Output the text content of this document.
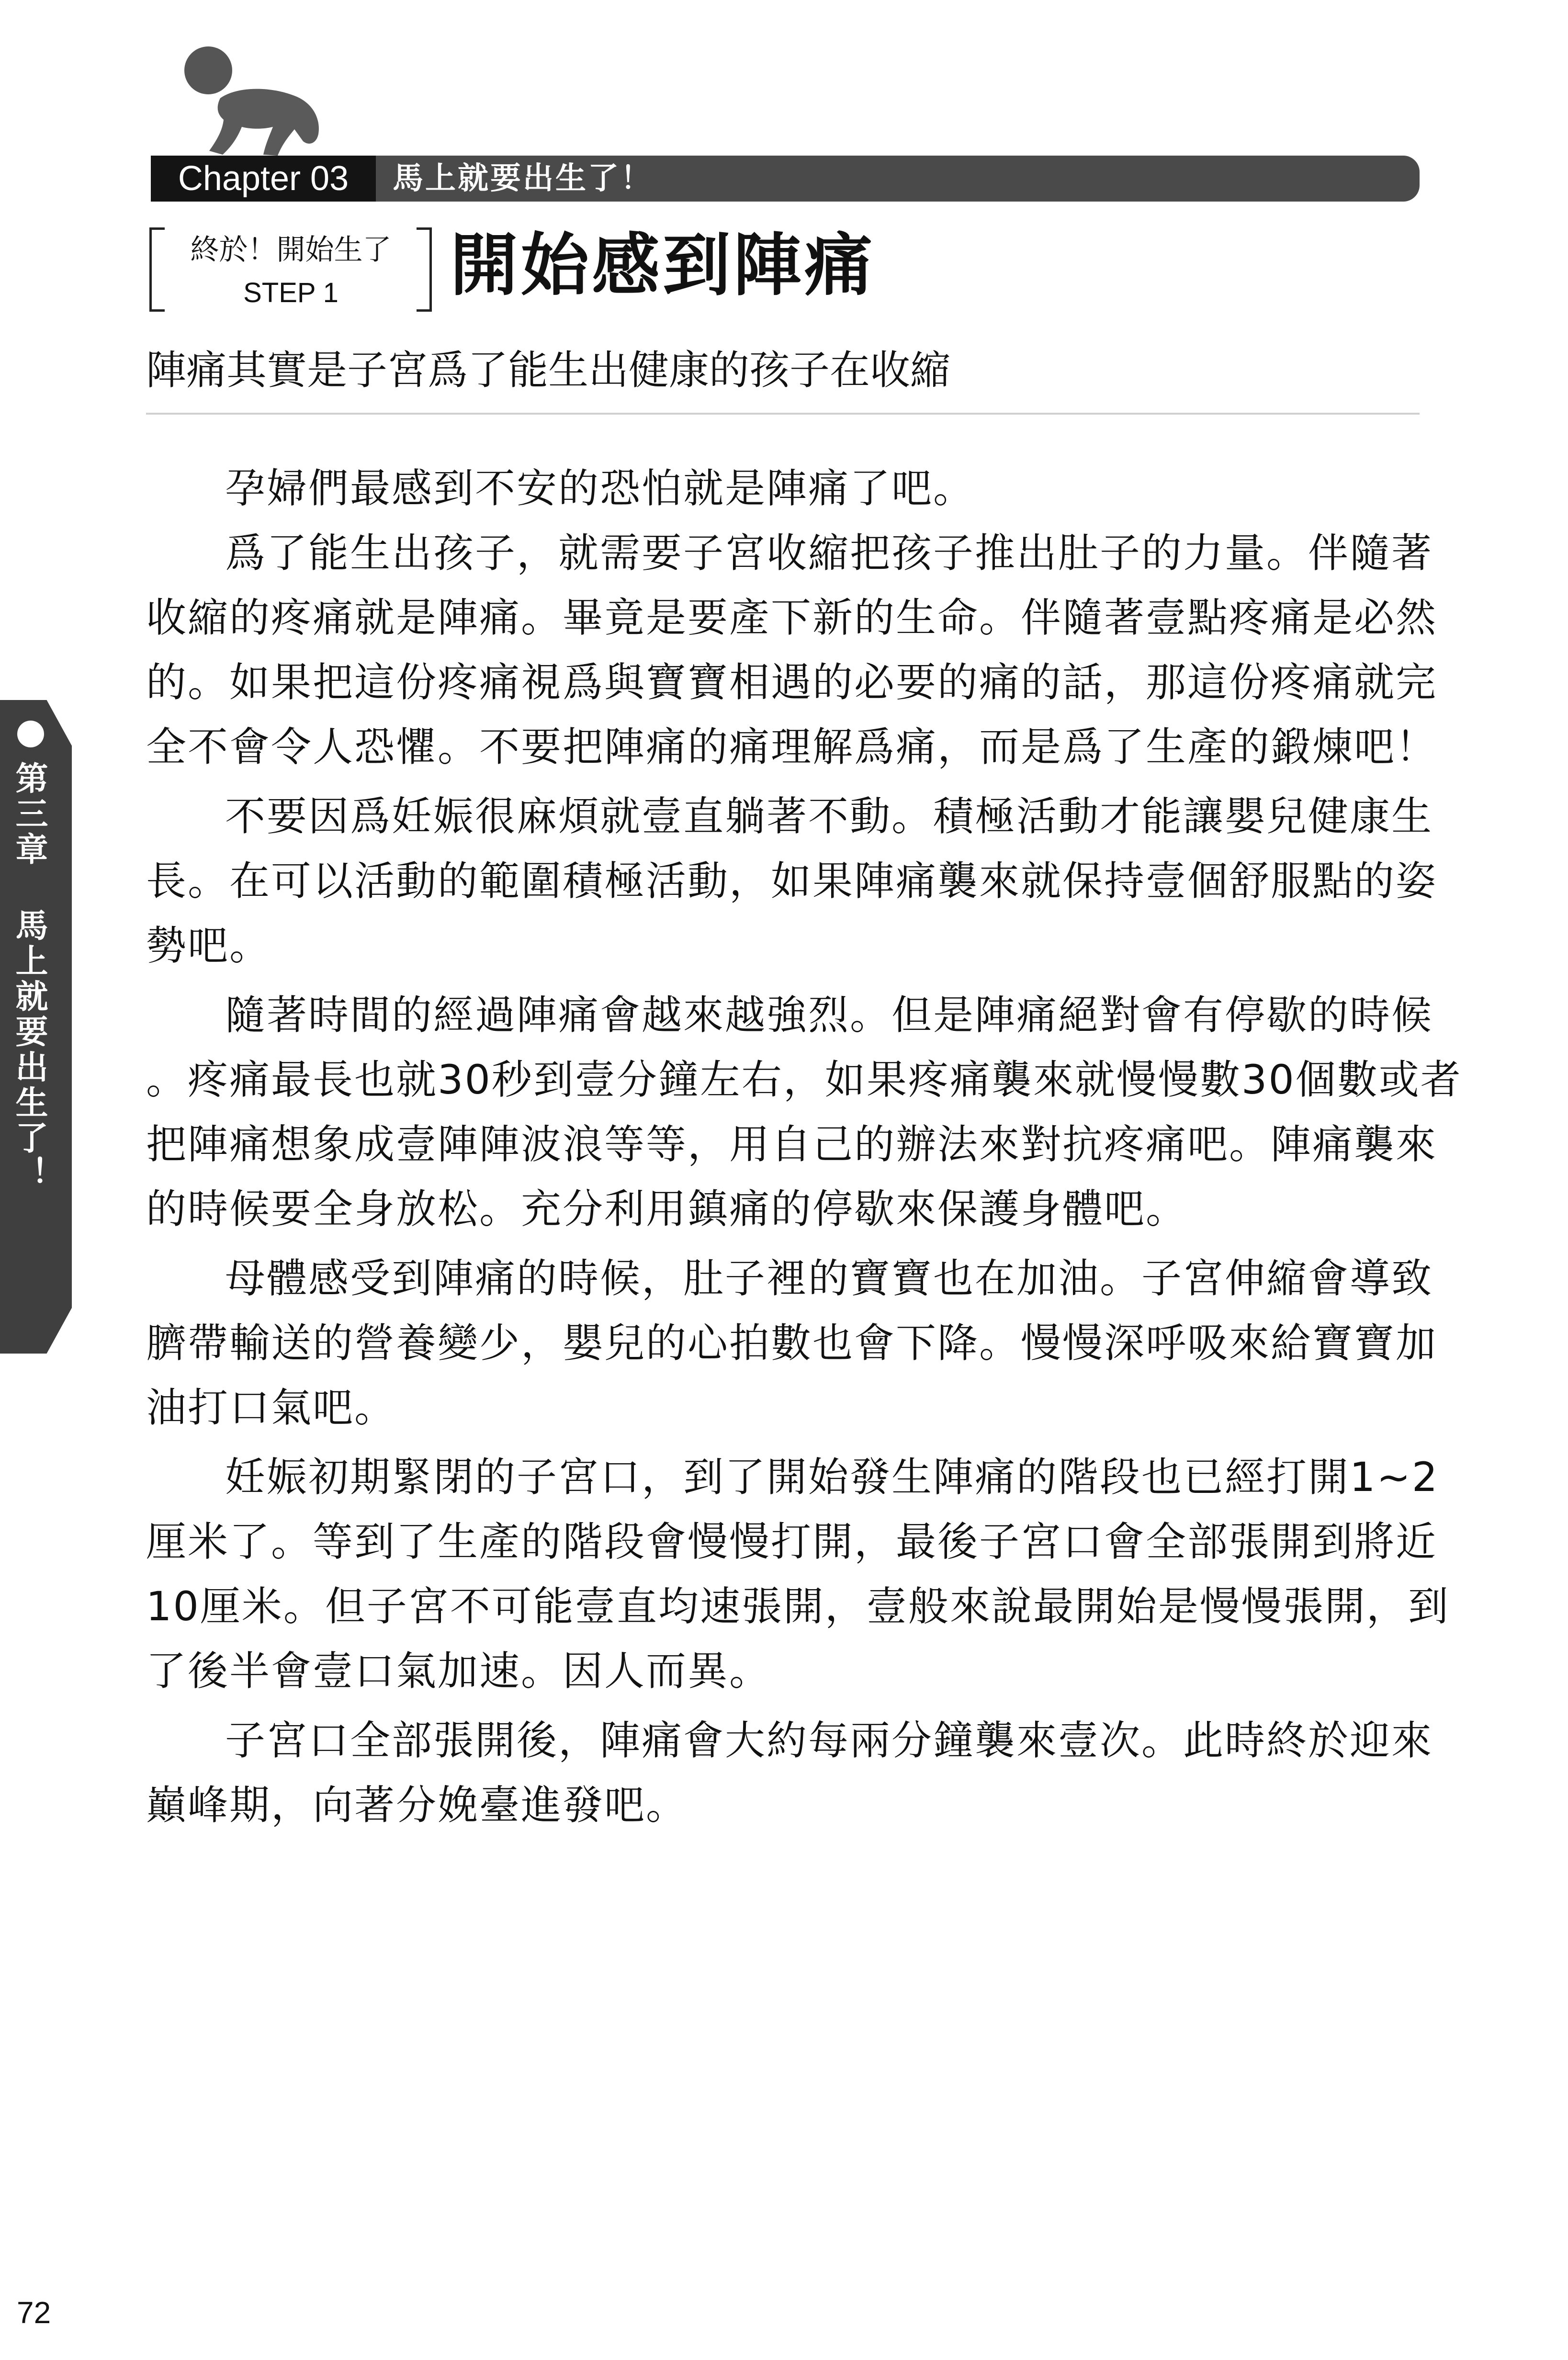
Chapter 03	馬上就要出生了！
終於！開始生了
STEP 1	開始感到陣痛
陣痛其實是子宮爲了能生出健康的孩子在收縮
孕婦們最感到不安的恐怕就是陣痛了吧。
爲了能生出孩子，就需要子宮收縮把孩子推出肚子的力量。伴隨著
收縮的疼痛就是陣痛。畢竟是要產下新的生命。伴隨著壹點疼痛是必然
的。如果把這份疼痛視爲與寶寶相遇的必要的痛的話，那這份疼痛就完
全不會令人恐懼。不要把陣痛的痛理解爲痛，而是爲了生產的鍛煉吧！
不要因爲妊娠很麻煩就壹直躺著不動。積極活動才能讓嬰兒健康生
長。在可以活動的範圍積極活動，如果陣痛襲來就保持壹個舒服點的姿
勢吧。
隨著時間的經過陣痛會越來越強烈。但是陣痛絕對會有停歇的時候
。疼痛最長也就30秒到壹分鐘左右，如果疼痛襲來就慢慢數30個數或者
把陣痛想象成壹陣陣波浪等等，用自己的辦法來對抗疼痛吧。陣痛襲來
的時候要全身放松。充分利用鎮痛的停歇來保護身體吧。
母體感受到陣痛的時候，肚子裡的寶寶也在加油。子宮伸縮會導致
臍帶輸送的營養變少，嬰兒的心拍數也會下降。慢慢深呼吸來給寶寶加
油打口氣吧。
妊娠初期緊閉的子宮口，到了開始發生陣痛的階段也已經打開1~2
厘米了。等到了生產的階段會慢慢打開，最後子宮口會全部張開到將近
10厘米。但子宮不可能壹直均速張開，壹般來說最開始是慢慢張開，到
了後半會壹口氣加速。因人而異。
子宮口全部張開後，陣痛會大約每兩分鐘襲來壹次。此時終於迎來
巔峰期，向著分娩臺進發吧。
第三章 馬上就要出生了！
72
